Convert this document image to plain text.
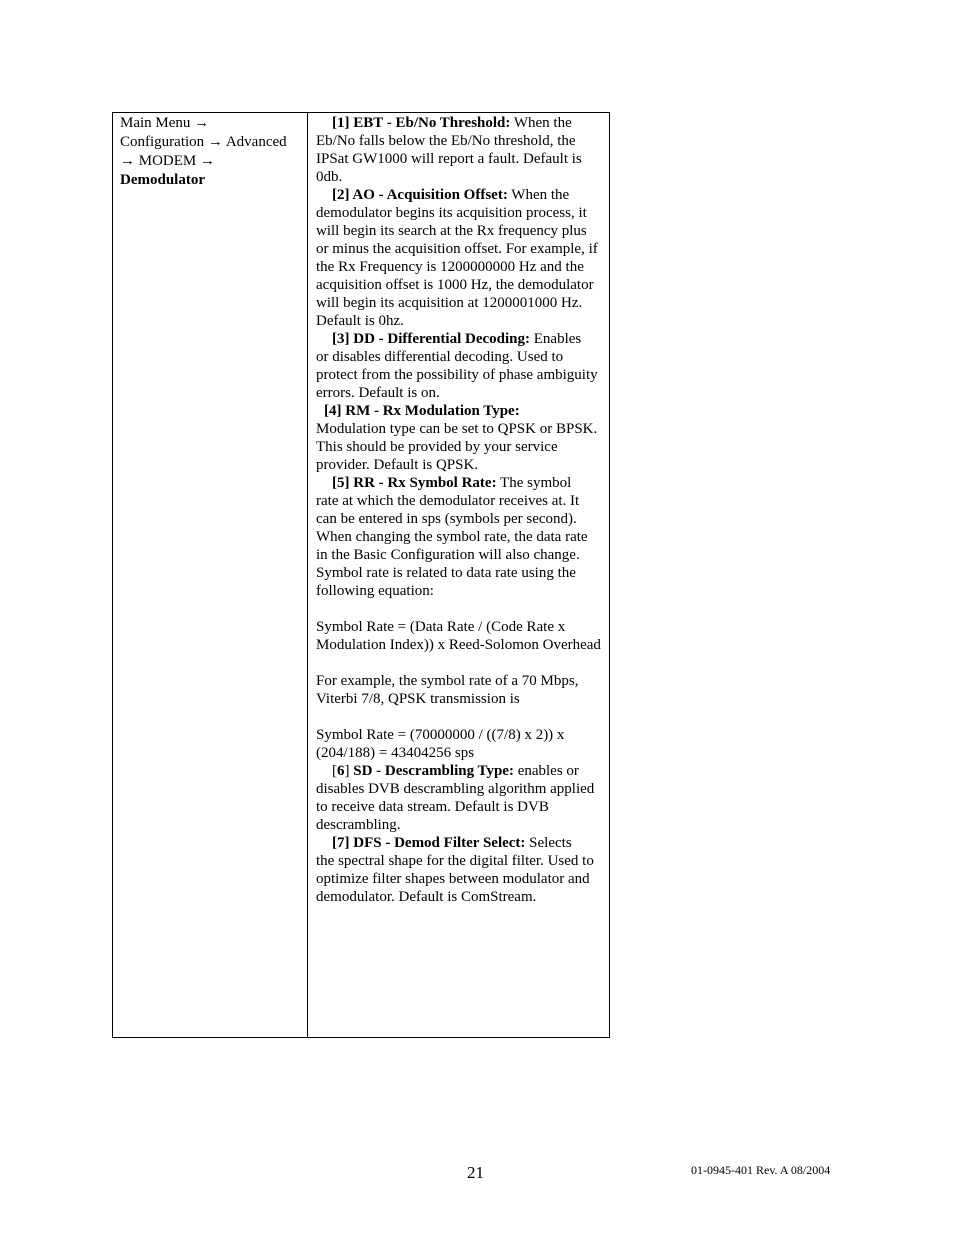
Main Menu →
Configuration → Advanced
→ MODEM →
Demodulator
[1] EBT - Eb/No Threshold: When the
Eb/No falls below the Eb/No threshold, the IPSat GW1000 will report a fault. Default is 0db.
[2] AO - Acquisition Offset: When the
demodulator begins its acquisition process, it will begin its search at the Rx frequency plus or minus the acquisition offset. For example, if the Rx Frequency is 1200000000 Hz and the acquisition offset is 1000 Hz, the demodulator will begin its acquisition at 1200001000 Hz. Default is 0hz.
[3] DD - Differential Decoding: Enables
or disables differential decoding. Used to protect from the possibility of phase ambiguity errors. Default is on.
[4] RM - Rx Modulation Type:
Modulation type can be set to QPSK or BPSK. This should be provided by your service provider. Default is QPSK.
[5] RR - Rx Symbol Rate: The symbol
rate at which the demodulator receives at. It can be entered in sps (symbols per second). When changing the symbol rate, the data rate in the Basic Configuration will also change. Symbol rate is related to data rate using the following equation:
Symbol Rate = (Data Rate / (Code Rate x Modulation Index)) x Reed-Solomon Overhead
For example, the symbol rate of a 70 Mbps, Viterbi 7/8, QPSK transmission is
Symbol Rate = (70000000 / ((7/8) x 2)) x (204/188) = 43404256 sps
[6] SD - Descrambling Type: enables or
disables DVB descrambling algorithm applied to receive data stream. Default is DVB descrambling.
[7] DFS - Demod Filter Select: Selects
the spectral shape for the digital filter. Used to optimize filter shapes between modulator and demodulator. Default is ComStream.
21	01-0945-401 Rev. A 08/2004
